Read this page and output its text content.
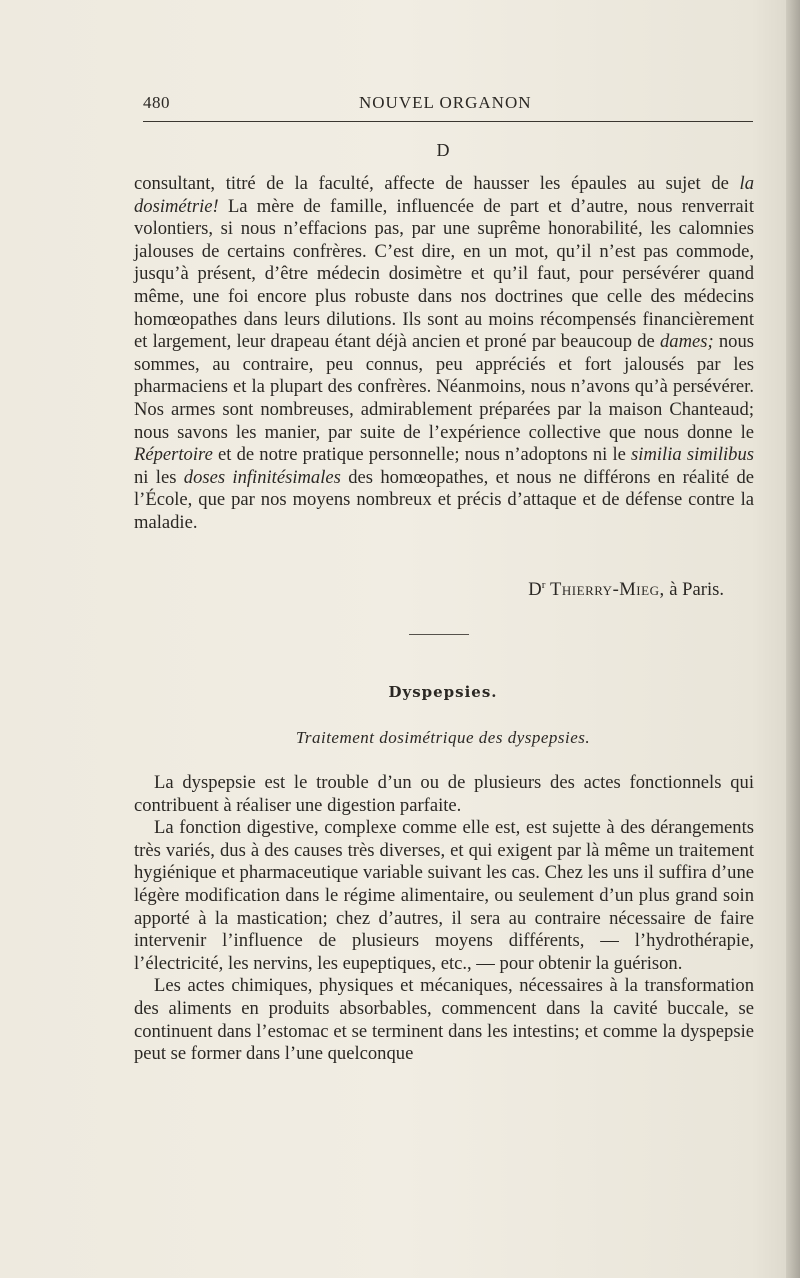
480	NOUVEL ORGANON
D

consultant, titré de la faculté, affecte de hausser les épaules au sujet de la dosimétrie! La mère de famille, influencée de part et d’autre, nous renverrait volontiers, si nous n’effacions pas, par une suprême honorabilité, les calomnies jalouses de certains confrères. C’est dire, en un mot, qu’il n’est pas commode, jusqu’à présent, d’être médecin dosimètre et qu’il faut, pour persévérer quand même, une foi encore plus robuste dans nos doctrines que celle des médecins homœopathes dans leurs dilutions. Ils sont au moins récompensés financièrement et largement, leur drapeau étant déjà ancien et proné par beaucoup de dames; nous sommes, au contraire, peu connus, peu appréciés et fort jalousés par les pharmaciens et la plupart des confrères. Néanmoins, nous n’avons qu’à persévérer. Nos armes sont nombreuses, admirablement préparées par la maison Chanteaud; nous savons les manier, par suite de l’expérience collective que nous donne le Répertoire et de notre pratique personnelle; nous n’adoptons ni le similia similibus ni les doses infinitésimales des homœopathes, et nous ne différons en réalité de l’École, que par nos moyens nombreux et précis d’attaque et de défense contre la maladie.

$D^r$ Thierry-Mieg, à Paris.
Dyspepsies.
Traitement dosimétrique des dyspepsies.

La dyspepsie est le trouble d’un ou de plusieurs des actes fonctionnels qui contribuent à réaliser une digestion parfaite.

La fonction digestive, complexe comme elle est, est sujette à des dérangements très variés, dus à des causes très diverses, et qui exigent par là même un traitement hygiénique et pharmaceutique variable suivant les cas. Chez les uns il suffira d’une légère modification dans le régime alimentaire, ou seulement d’un plus grand soin apporté à la mastication; chez d’autres, il sera au contraire nécessaire de faire intervenir l’influence de plusieurs moyens différents, — l’hydrothérapie, l’électricité, les nervins, les eupeptiques, etc., — pour obtenir la guérison.

Les actes chimiques, physiques et mécaniques, nécessaires à la transformation des aliments en produits absorbables, commencent dans la cavité buccale, se continuent dans l’estomac et se terminent dans les intestins; et comme la dyspepsie peut se former dans l’une quelconque
